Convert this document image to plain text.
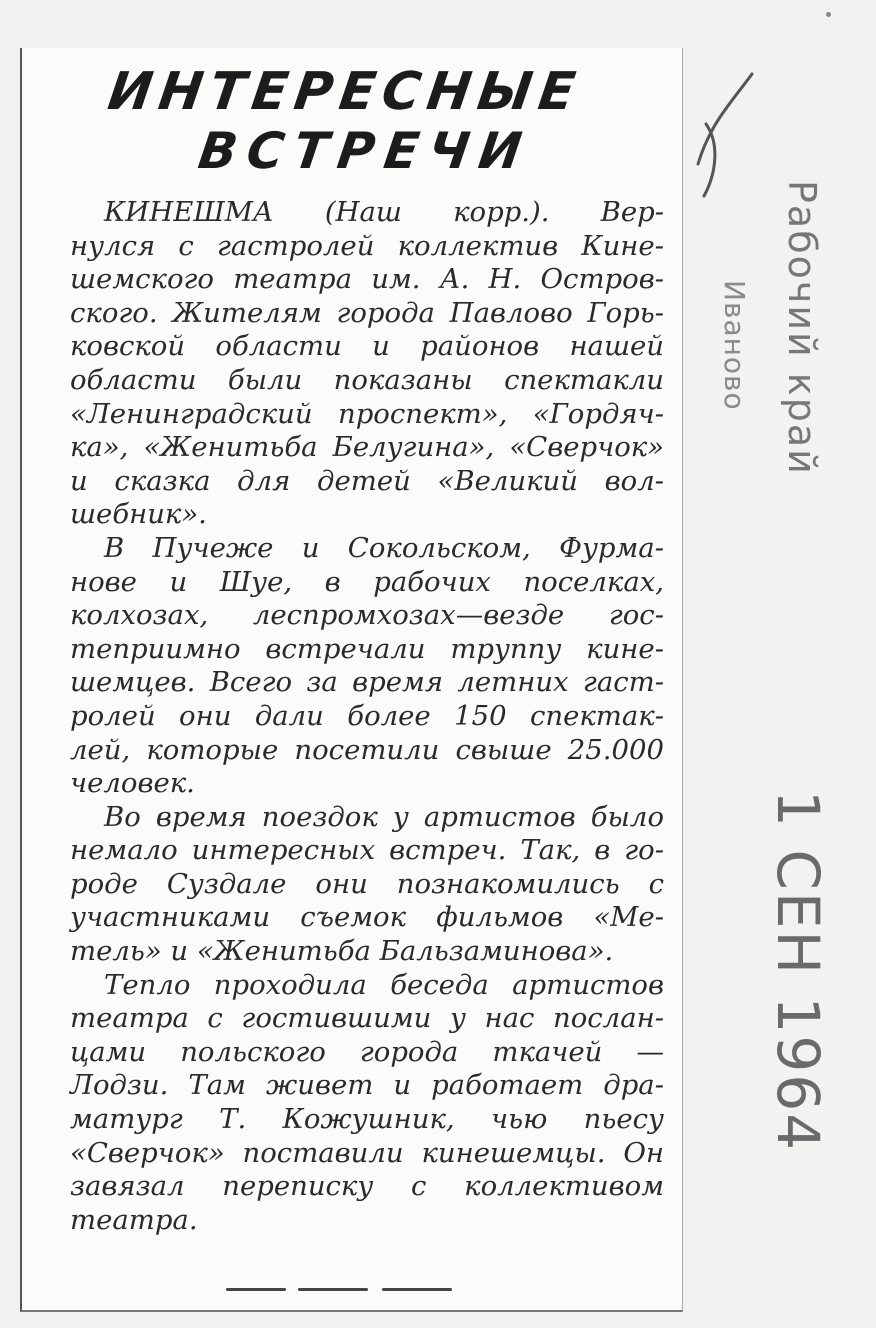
ИНТЕРЕСНЫЕ
ВСТРЕЧИ
КИНЕШМА (Наш корр.). Вер-
нулся с гастролей коллектив Кине-
шемского театра им. А. Н. Остров-
ского. Жителям города Павлово Горь-
ковской области и районов нашей
области были показаны спектакли
«Ленинградский проспект», «Гордяч-
ка», «Женитьба Белугина», «Сверчок»
и сказка для детей «Великий вол-
шебник».
В Пучеже и Сокольском, Фурма-
нове и Шуе, в рабочих поселках,
колхозах, леспромхозах—везде гос-
теприимно встречали труппу кине-
шемцев. Всего за время летних гаст-
ролей они дали более 150 спектак-
лей, которые посетили свыше 25.000
человек.
Во время поездок у артистов было
немало интересных встреч. Так, в го-
роде Суздале они познакомились с
участниками съемок фильмов «Ме-
тель» и «Женитьба Бальзаминова».
Тепло проходила беседа артистов
театра с гостившими у нас послан-
цами польского города ткачей —
Лодзи. Там живет и работает дра-
матург Т. Кожушник, чью пьесу
«Сверчок» поставили кинешемцы. Он
завязал переписку с коллективом
театра.
Рабочий край
Иваново
1 СЕН 1964
